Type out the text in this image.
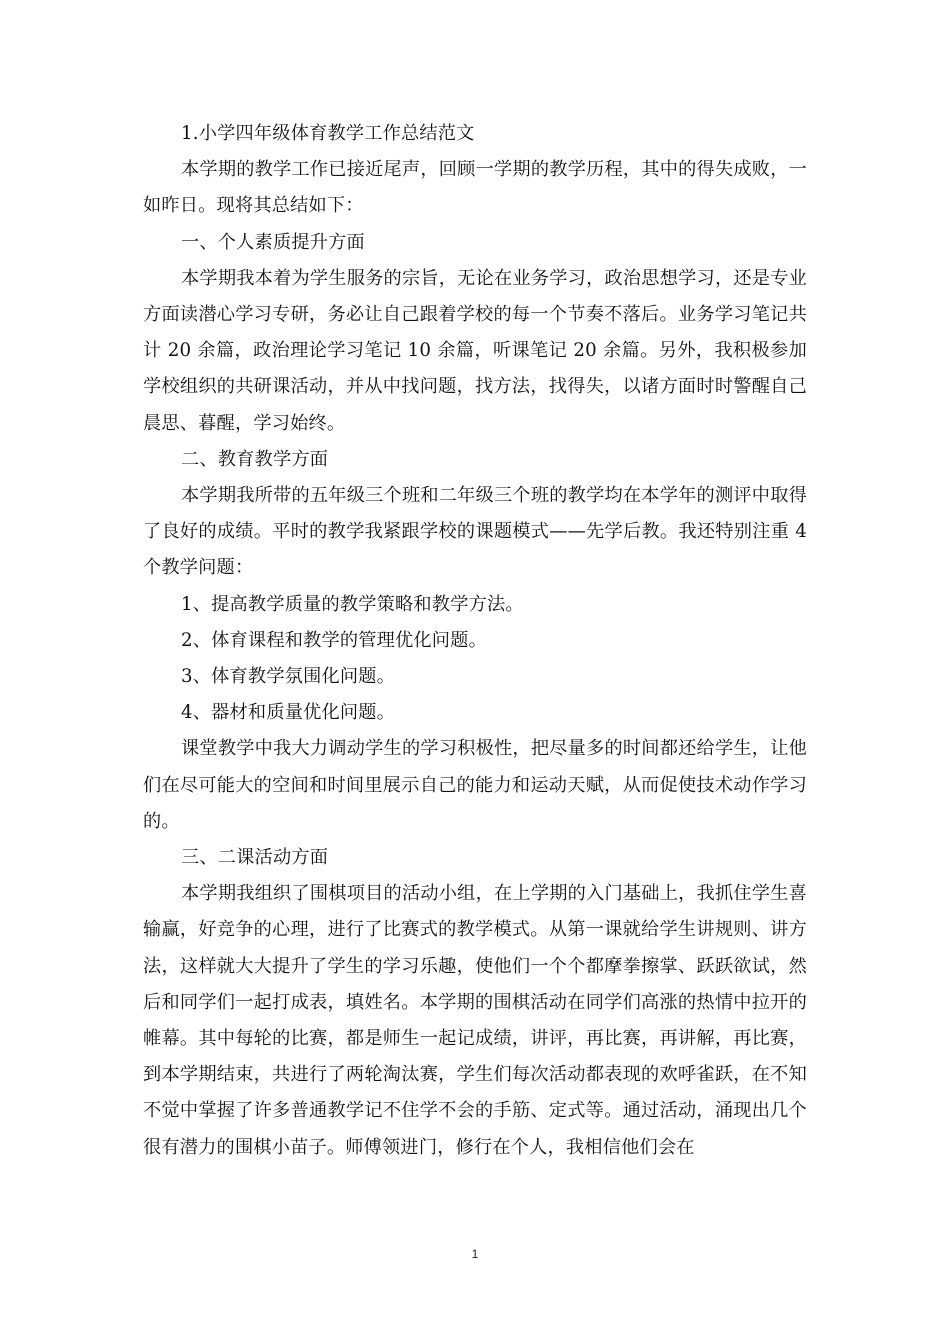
1.小学四年级体育教学工作总结范文

本学期的教学工作已接近尾声，回顾一学期的教学历程，其中的得失成败，一如昨日。现将其总结如下：

一、个人素质提升方面

本学期我本着为学生服务的宗旨，无论在业务学习，政治思想学习，还是专业方面读潜心学习专研，务必让自己跟着学校的每一个节奏不落后。业务学习笔记共计 20 余篇，政治理论学习笔记 10 余篇，听课笔记 20 余篇。另外，我积极参加学校组织的共研课活动，并从中找问题，找方法，找得失，以诸方面时时警醒自己晨思、暮醒，学习始终。

二、教育教学方面

本学期我所带的五年级三个班和二年级三个班的教学均在本学年的测评中取得了良好的成绩。平时的教学我紧跟学校的课题模式——先学后教。我还特别注重 4 个教学问题：

1、提高教学质量的教学策略和教学方法。

2、体育课程和教学的管理优化问题。

3、体育教学氛围化问题。

4、器材和质量优化问题。

课堂教学中我大力调动学生的学习积极性，把尽量多的时间都还给学生，让他们在尽可能大的空间和时间里展示自己的能力和运动天赋，从而促使技术动作学习的。

三、二课活动方面

本学期我组织了围棋项目的活动小组，在上学期的入门基础上，我抓住学生喜输赢，好竞争的心理，进行了比赛式的教学模式。从第一课就给学生讲规则、讲方法，这样就大大提升了学生的学习乐趣，使他们一个个都摩拳擦掌、跃跃欲试，然后和同学们一起打成表，填姓名。本学期的围棋活动在同学们高涨的热情中拉开的帷幕。其中每轮的比赛，都是师生一起记成绩，讲评，再比赛，再讲解，再比赛，到本学期结束，共进行了两轮淘汰赛，学生们每次活动都表现的欢呼雀跃，在不知不觉中掌握了许多普通教学记不住学不会的手筋、定式等。通过活动，涌现出几个很有潜力的围棋小苗子。师傅领进门，修行在个人，我相信他们会在

1
